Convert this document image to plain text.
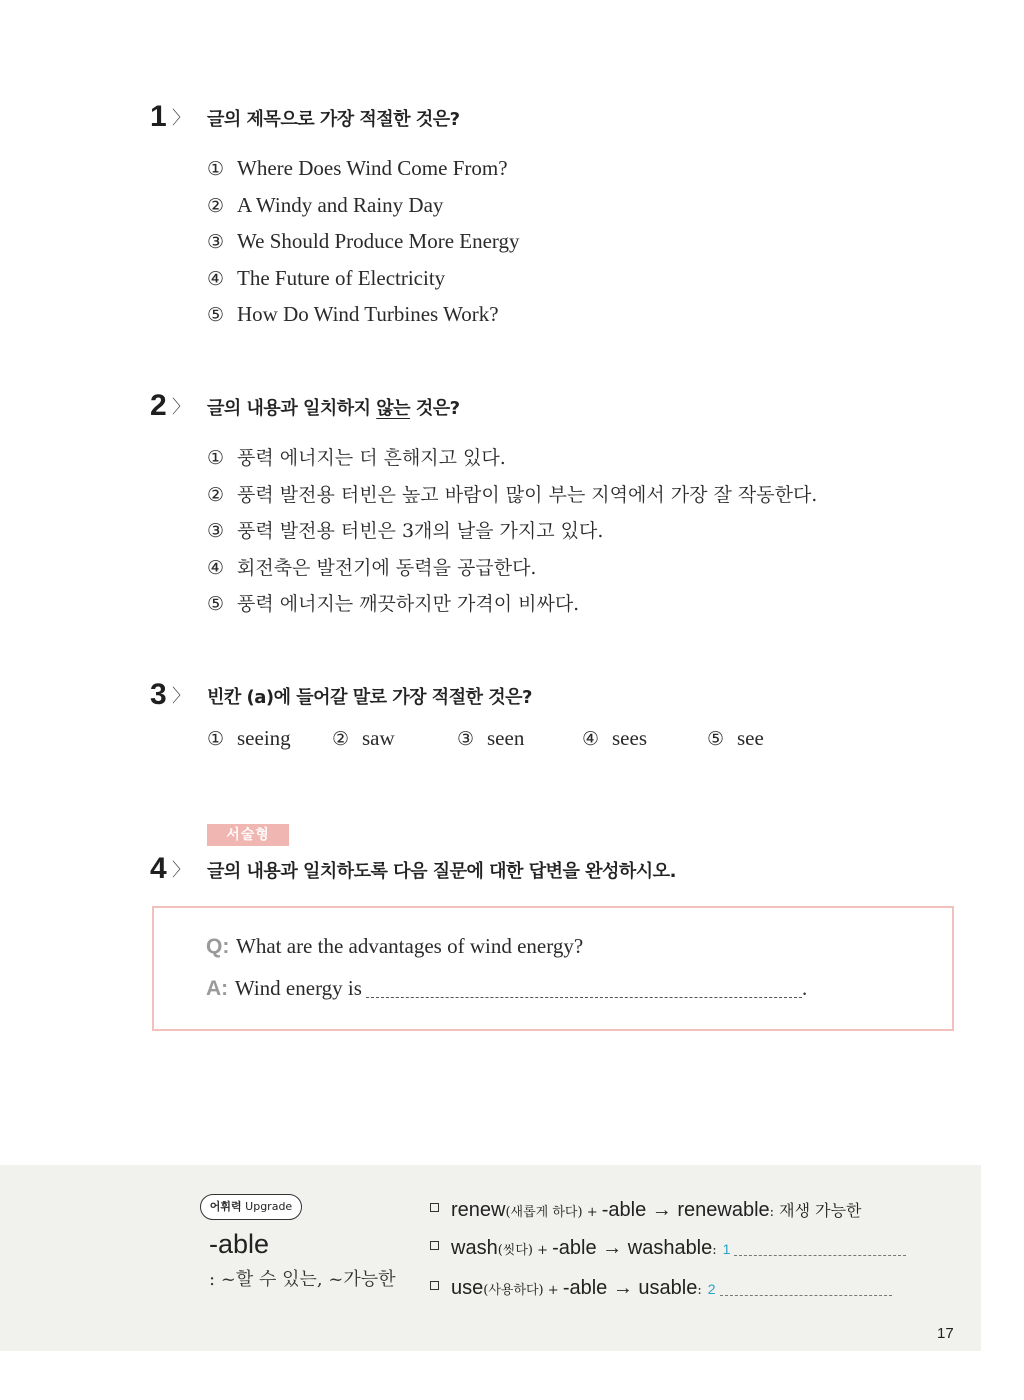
1 〉 글의 제목으로 가장 적절한 것은?
① Where Does Wind Come From?
② A Windy and Rainy Day
③ We Should Produce More Energy
④ The Future of Electricity
⑤ How Do Wind Turbines Work?
2 〉 글의 내용과 일치하지 않는 것은?
① 풍력 에너지는 더 흔해지고 있다.
② 풍력 발전용 터빈은 높고 바람이 많이 부는 지역에서 가장 잘 작동한다.
③ 풍력 발전용 터빈은 3개의 날을 가지고 있다.
④ 회전축은 발전기에 동력을 공급한다.
⑤ 풍력 에너지는 깨끗하지만 가격이 비싸다.
3 〉 빈칸 (a)에 들어갈 말로 가장 적절한 것은?
① seeing ② saw	③ seen	④ sees	⑤ see
서술형
4 〉 글의 내용과 일치하도록 다음 질문에 대한 답변을 완성하시오.
Q: What are the advantages of wind energy?
A: Wind energy is	.
어휘력 Upgrade
-able
: ~할 수 있는, ~가능한
renew(새롭게 하다) + -able → renewable: 재생 가능한
wash(씻다) + -able → washable: 1
use(사용하다) + -able → usable: 2
17
